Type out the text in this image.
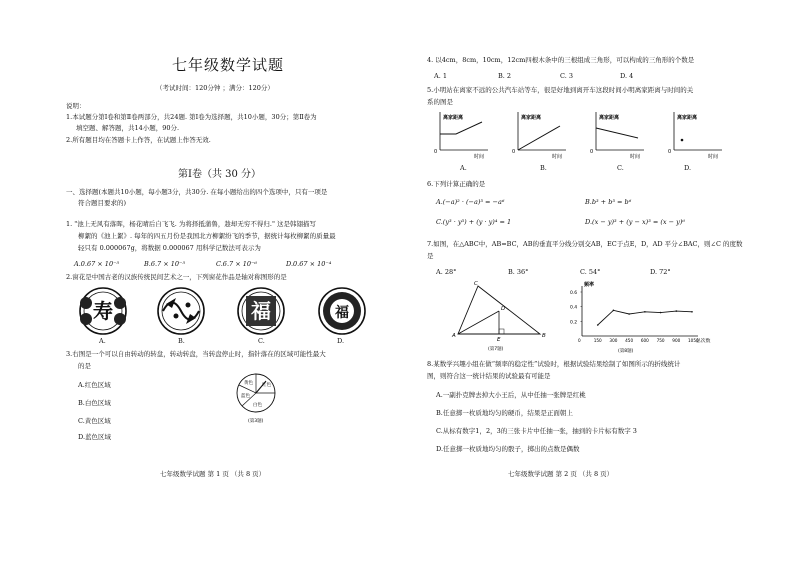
七年级数学试题
（考试时间：120分钟 ；满分：120分）
说明：
1.本试题分第Ⅰ卷和第Ⅱ卷两部分，共24题. 第Ⅰ卷为选择题，共10小题，30分；第Ⅱ卷为
填空题、解答题，共14小题，90分.
2.所有题目均在答题卡上作答，在试题上作答无效.
第Ⅰ卷（共 30 分）
一、选择题(本题共10小题，每小题3分，共30分. 在每小题给出的四个选项中，只有一项是
符合题目要求的)
1. "池上无风有落晖，杨花晴后自飞飞. 为将择抵蒲鲁，趁却无穷不得归." 这是韩翃描写
柳絮的《池上絮》. 每年的四五月份是我国北方柳絮纷飞的季节，据统计每枚柳絮的质量最
轻只有 0.000067g，将数据 0.000067 用科学记数法可表示为
A.0.67 × 10⁻⁵	B.6.7 × 10⁻⁵	C.6.7 × 10⁻⁶	D.0.67 × 10⁻⁴
2.窗花是中国古老的汉族传统民间艺术之一，下列窗花作品是轴对称图形的是
寿	福	福
A.	B.	C.	D.
3.右图是一个可以自由转动的转盘，转动转盘，当转盘停止时，指针落在的区域可能性最大
的是
A.红色区域
B.白色区域
C.黄色区域
D.蓝色区域
红色
黄色
白色
蓝色
(第3题)
七年级数学试题 第 1 页 （共 8 页）
4. 以4cm，8cm，10cm，12cm四根木条中的三根组成三角形，可以构成的三角形的个数是
A. 1	B. 2	C. 3	D. 4
5.小明站在离家不远的公共汽车站等车，很是好地到离开车这段时间小明离家距离与时间的关
系的图是
离家距离
时间
0
离家距离
时间
0
离家距离
时间
0
离家距离
时间
0
A.	B.	C.	D.
6.下列计算正确的是
A.(−a)² · (−a)³ = −a⁶	B.b³ + b³ = b⁶
C.(y³ · y³) + (y · y)⁴ = 1	D.(x − y)³ + (y − x)³ = (x − y)⁶
7.如图，在△ABC中，AB=BC，AB的垂直平分线分别交AB，EC于点E，D，AD 平分∠BAC，则∠C 的度数
是
A. 28°	B. 36°	C. 54°	D. 72°
C
D
A	B
E
(第7题)
0.2
0.4
0.6
0	150 300 450 600 750 900 1050
频率
总次数
(第8题)
8.某数学兴趣小组在做“频率的稳定性”试验时，根据试验结果绘制了如图所示的折线统计
图，则符合这一统计结果的试验最有可能是
A.一副扑克牌去掉大小王后，从中任抽一张牌是红桃
B.任意掷一枚质地均匀的硬币，结果是正面朝上
C.从标有数字1，2，3的三张卡片中任抽一张，抽到的卡片标有数字 3
D.任意掷一枚质地均匀的骰子，掷出的点数是偶数
七年级数学试题 第 2 页 （共 8 页）
